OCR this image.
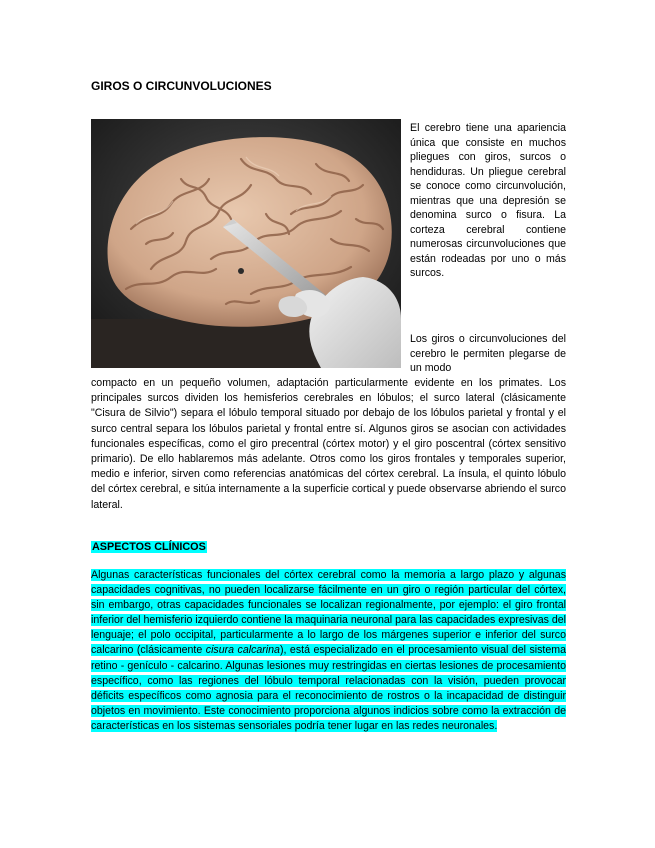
GIROS O CIRCUNVOLUCIONES

El cerebro tiene una apariencia única que consiste en muchos pliegues con giros, surcos o hendiduras. Un pliegue cerebral se conoce como circunvolución, mientras que una depresión se denomina surco o fisura. La corteza cerebral contiene numerosas circunvoluciones que están rodeadas por uno o más surcos.

Los giros o circunvoluciones del cerebro le permiten plegarse de un modo

compacto en un pequeño volumen, adaptación particularmente evidente en los primates. Los principales surcos dividen los hemisferios cerebrales en lóbulos; el surco lateral (clásicamente "Cisura de Silvio") separa el lóbulo temporal situado por debajo de los lóbulos parietal y frontal y el surco central separa los lóbulos parietal y frontal entre sí. Algunos giros se asocian con actividades funcionales específicas, como el giro precentral (córtex motor) y el giro poscentral (córtex sensitivo primario). De ello hablaremos más adelante. Otros como los giros frontales y temporales superior, medio e inferior, sirven como referencias anatómicas del córtex cerebral. La ínsula, el quinto lóbulo del córtex cerebral, e sitúa internamente a la superficie cortical y puede observarse abriendo el surco lateral.

ASPECTOS CLÍNICOS

Algunas características funcionales del córtex cerebral como la memoria a largo plazo y algunas capacidades cognitivas, no pueden localizarse fácilmente en un giro o región particular del córtex, sin embargo, otras capacidades funcionales se localizan regionalmente, por ejemplo: el giro frontal inferior del hemisferio izquierdo contiene la maquinaria neuronal para las capacidades expresivas del lenguaje; el polo occipital, particularmente a lo largo de los márgenes superior e inferior del surco calcarino (clásicamente cisura calcarina), está especializado en el procesamiento visual del sistema retino - genículo - calcarino. Algunas lesiones muy restringidas en ciertas lesiones de procesamiento específico, como las regiones del lóbulo temporal relacionadas con la visión, pueden provocar déficits específicos como agnosia para el reconocimiento de rostros o la incapacidad de distinguir objetos en movimiento. Este conocimiento proporciona algunos indicios sobre como la extracción de características en los sistemas sensoriales podría tener lugar en las redes neuronales.
